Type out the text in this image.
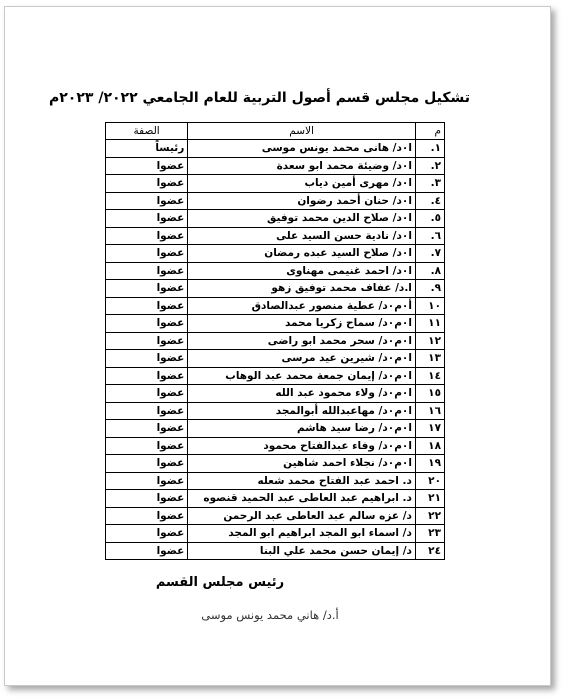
تشكيل مجلس قسم أصول التربية للعام الجامعي ٢٠٢٢/ ٢٠٢٣م
م	الاسم	الصفة
١.	ا٠د/ هانى محمد يونس موسى	رئيساً
٢.	ا٠د/ وضيئة محمد ابو سعدة	عضوا
٣.	ا٠د/ مهرى أمين دياب	عضوا
٤.	ا٠د/ حنان أحمد رضوان	عضوا
٥.	ا٠د/ صلاح الدين محمد توفيق	عضوا
٦.	ا٠د/ نادية حسن السيد على	عضوا
٧.	ا٠د/ صلاح السيد عبده رمضان	عضوا
٨.	ا٠د/ احمد غنيمى مهناوى	عضوا
٩.	ا.د/ عفاف محمد توفيق زهو	عضوا
١٠	أ٠م٠د/ عطية منصور عبدالصادق	عضوا
١١	ا٠م٠د/ سماح زكريا محمد	عضوا
١٢	ا٠م٠د/ سحر محمد ابو راضى	عضوا
١٣	ا٠م٠د/ شيرين عيد مرسى	عضوا
١٤	ا٠م٠د/ إيمان جمعة محمد عبد الوهاب	عضوا
١٥	ا٠م٠د/ ولاء محمود عبد الله	عضوا
١٦	ا٠م٠د/ مهاعبدالله أبوالمجد	عضوا
١٧	ا٠م٠د/ رضا سيد هاشم	عضوا
١٨	ا٠م٠د/ وفاء عبدالفتاح محمود	عضوا
١٩	ا٠م٠د/ نجلاء احمد شاهين	عضوا
٢٠	د. احمد عبد الفتاح محمد شعله	عضوا
٢١	د. ابراهيم عبد العاطى عبد الحميد قنصوه	عضوا
٢٢	د/ عزه سالم عبد العاطى عبد الرحمن	عضوا
٢٣	د/ اسماء ابو المجد ابراهيم ابو المجد	عضوا
٢٤	د/ إيمان حسن محمد علي البنا	عضوا
رئيس مجلس القسم
أ.د/ هاني محمد يونس موسى
